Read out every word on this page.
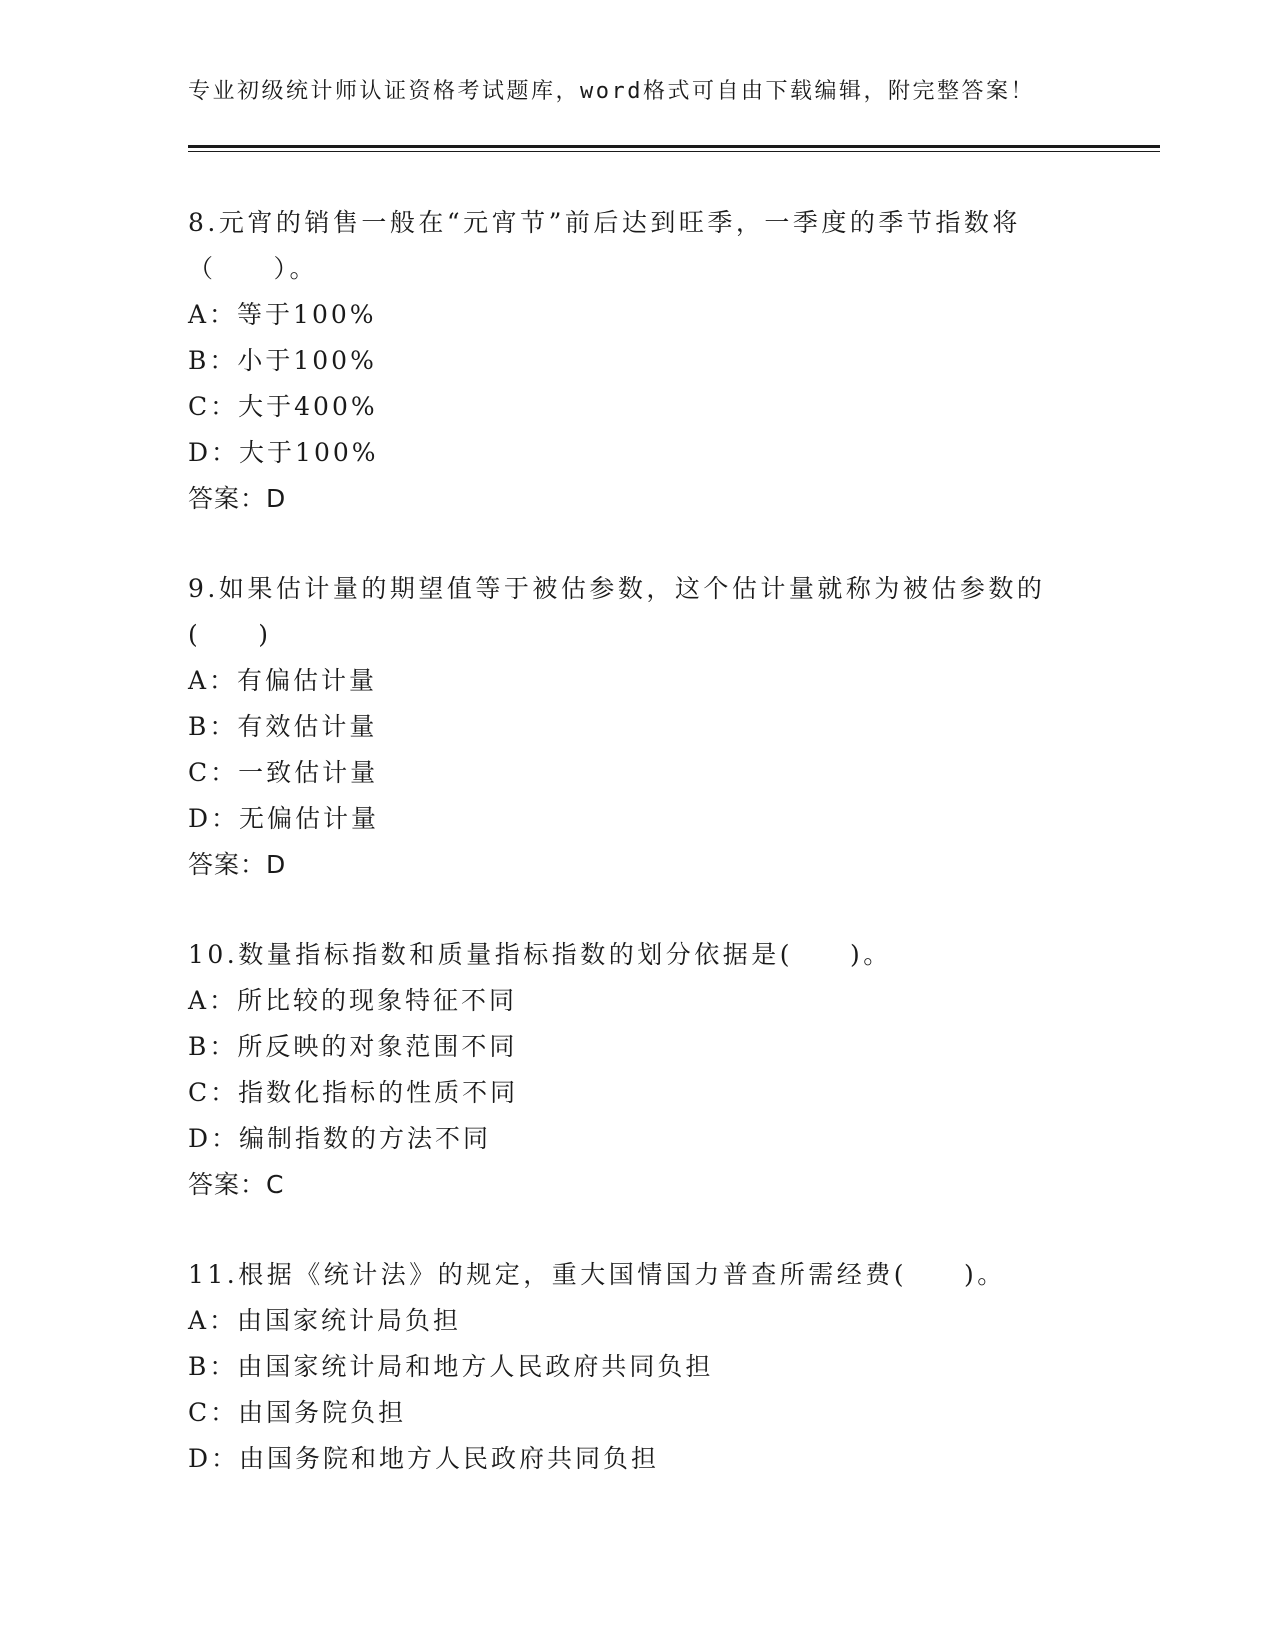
专业初级统计师认证资格考试题库，word格式可自由下载编辑，附完整答案！
8.元宵的销售一般在“元宵节”前后达到旺季，一季度的季节指数将
（　　）。
A：等于100%
B：小于100%
C：大于400%
D：大于100%
答案：D
9.如果估计量的期望值等于被估参数，这个估计量就称为被估参数的
(　　)
A：有偏估计量
B：有效估计量
C：一致估计量
D：无偏估计量
答案：D
10.数量指标指数和质量指标指数的划分依据是(　　)。
A：所比较的现象特征不同
B：所反映的对象范围不同
C：指数化指标的性质不同
D：编制指数的方法不同
答案：C
11.根据《统计法》的规定，重大国情国力普查所需经费(　　)。
A：由国家统计局负担
B：由国家统计局和地方人民政府共同负担
C：由国务院负担
D：由国务院和地方人民政府共同负担
